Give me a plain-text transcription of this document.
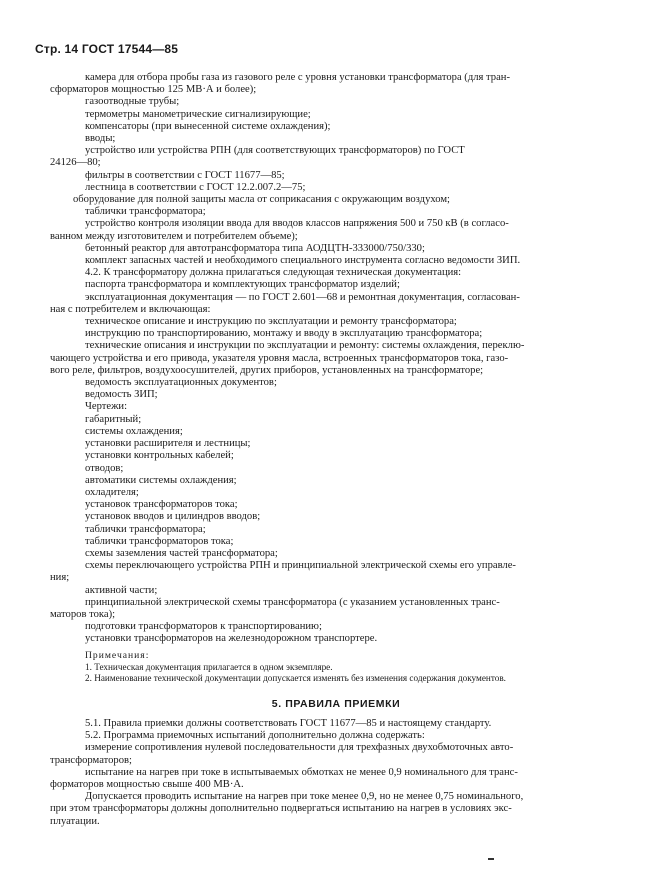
Стр. 14 ГОСТ 17544—85
камера для отбора пробы газа из газового реле с уровня установки трансформатора (для тран-
сформаторов мощностью 125 МВ·А и более);
газоотводные трубы;
термометры манометрические сигнализирующие;
компенсаторы (при вынесенной системе охлаждения);
вводы;
устройство или устройства РПН (для соответствующих трансформаторов) по ГОСТ
24126—80;
фильтры в соответствии с ГОСТ 11677—85;
лестница в соответствии с ГОСТ 12.2.007.2—75;
оборудование для полной защиты масла от соприкасания с окружающим воздухом;
таблички трансформатора;
устройство контроля изоляции ввода для вводов классов напряжения 500 и 750 кВ (в согласо-
ванном между изготовителем и потребителем объеме);
бетонный реактор для автотрансформатора типа АОДЦТН-333000/750/330;
комплект запасных частей и необходимого специального инструмента согласно ведомости ЗИП.
4.2. К трансформатору должна прилагаться следующая техническая документация:
паспорта трансформатора и комплектующих трансформатор изделий;
эксплуатационная документация — по ГОСТ 2.601—68 и ремонтная документация, согласован-
ная с потребителем и включающая:
техническое описание и инструкцию по эксплуатации и ремонту трансформатора;
инструкцию по транспортированию, монтажу и вводу в эксплуатацию трансформатора;
технические описания и инструкции по эксплуатации и ремонту: системы охлаждения, переклю-
чающего устройства и его привода, указателя уровня масла, встроенных трансформаторов тока, газо-
вого реле, фильтров, воздухоосушителей, других приборов, установленных на трансформаторе;
ведомость эксплуатационных документов;
ведомость ЗИП;
Чертежи:
габаритный;
системы охлаждения;
установки расширителя и лестницы;
установки контрольных кабелей;
отводов;
автоматики системы охлаждения;
охладителя;
установок трансформаторов тока;
установок вводов и цилиндров вводов;
таблички трансформатора;
таблички трансформаторов тока;
схемы заземления частей трансформатора;
схемы переключающего устройства РПН и принципиальной электрической схемы его управле-
ния;
активной части;
принципиальной электрической схемы трансформатора (с указанием установленных транс-
маторов тока);
подготовки трансформаторов к транспортированию;
установки трансформаторов на железнодорожном транспортере.
Примечания:
1. Техническая документация прилагается в одном экземпляре.
2. Наименование технической документации допускается изменять без изменения содержания документов.
5. ПРАВИЛА ПРИЕМКИ
5.1. Правила приемки должны соответствовать ГОСТ 11677—85 и настоящему стандарту.
5.2. Программа приемочных испытаний дополнительно должна содержать:
измерение сопротивления нулевой последовательности для трехфазных двухобмоточных авто-
трансформаторов;
испытание на нагрев при токе в испытываемых обмотках не менее 0,9 номинального для транс-
форматоров мощностью свыше 400 МВ·А.
Допускается проводить испытание на нагрев при токе менее 0,9, но не менее 0,75 номинального,
при этом трансформаторы должны дополнительно подвергаться испытанию на нагрев в условиях экс-
плуатации.
